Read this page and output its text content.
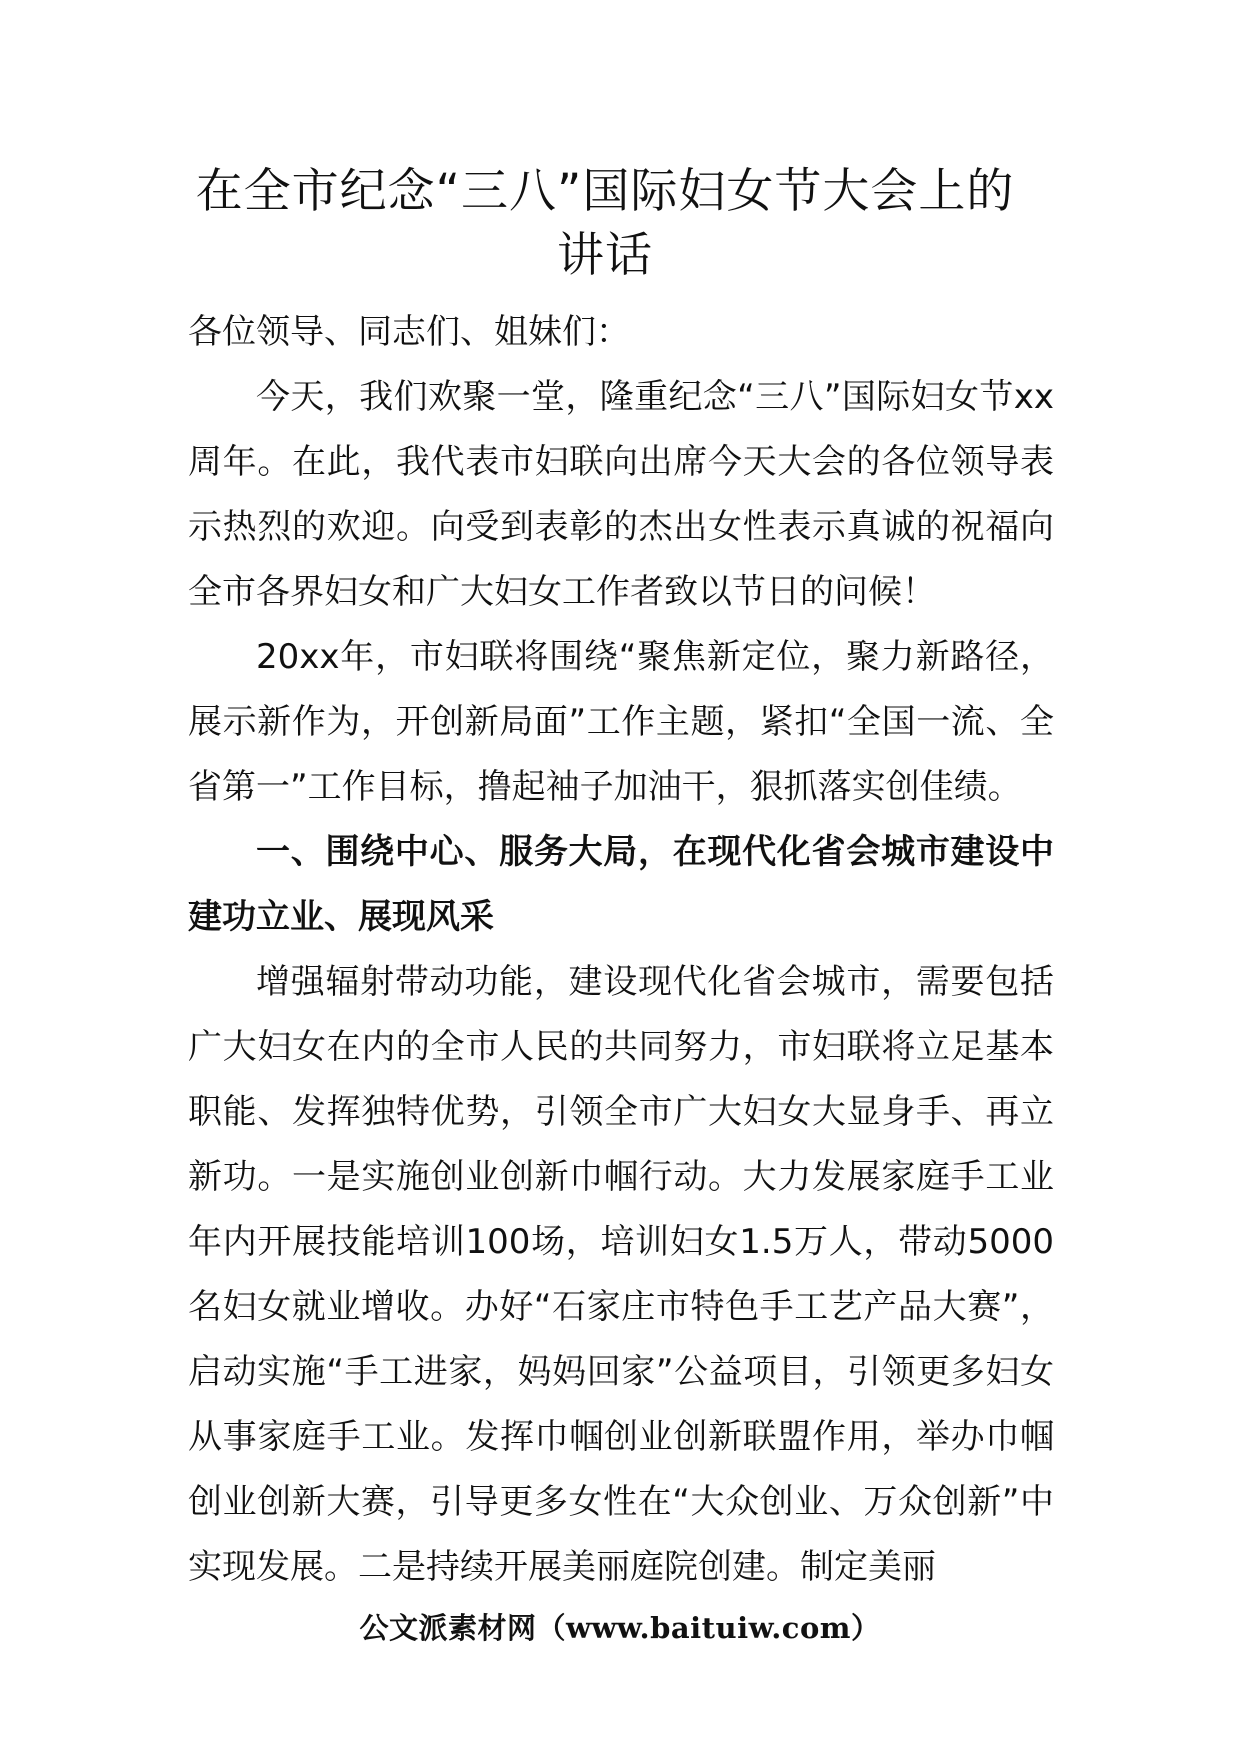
在全市纪念“三八”国际妇女节大会上的
讲话

各位领导、同志们、姐妹们：

今天，我们欢聚一堂，隆重纪念“三八”国际妇女节xx周年。在此，我代表市妇联向出席今天大会的各位领导表示热烈的欢迎。向受到表彰的杰出女性表示真诚的祝福向全市各界妇女和广大妇女工作者致以节日的问候！

20xx年，市妇联将围绕“聚焦新定位，聚力新路径，展示新作为，开创新局面”工作主题，紧扣“全国一流、全省第一”工作目标，撸起袖子加油干，狠抓落实创佳绩。

一、围绕中心、服务大局，在现代化省会城市建设中建功立业、展现风采

增强辐射带动功能，建设现代化省会城市，需要包括广大妇女在内的全市人民的共同努力，市妇联将立足基本职能、发挥独特优势，引领全市广大妇女大显身手、再立新功。一是实施创业创新巾帼行动。大力发展家庭手工业年内开展技能培训100场，培训妇女1.5万人，带动5000名妇女就业增收。办好“石家庄市特色手工艺产品大赛”，启动实施“手工进家，妈妈回家”公益项目，引领更多妇女从事家庭手工业。发挥巾帼创业创新联盟作用，举办巾帼创业创新大赛，引导更多女性在“大众创业、万众创新”中实现发展。二是持续开展美丽庭院创建。制定美丽

公文派素材网（www.baituiw.com）
